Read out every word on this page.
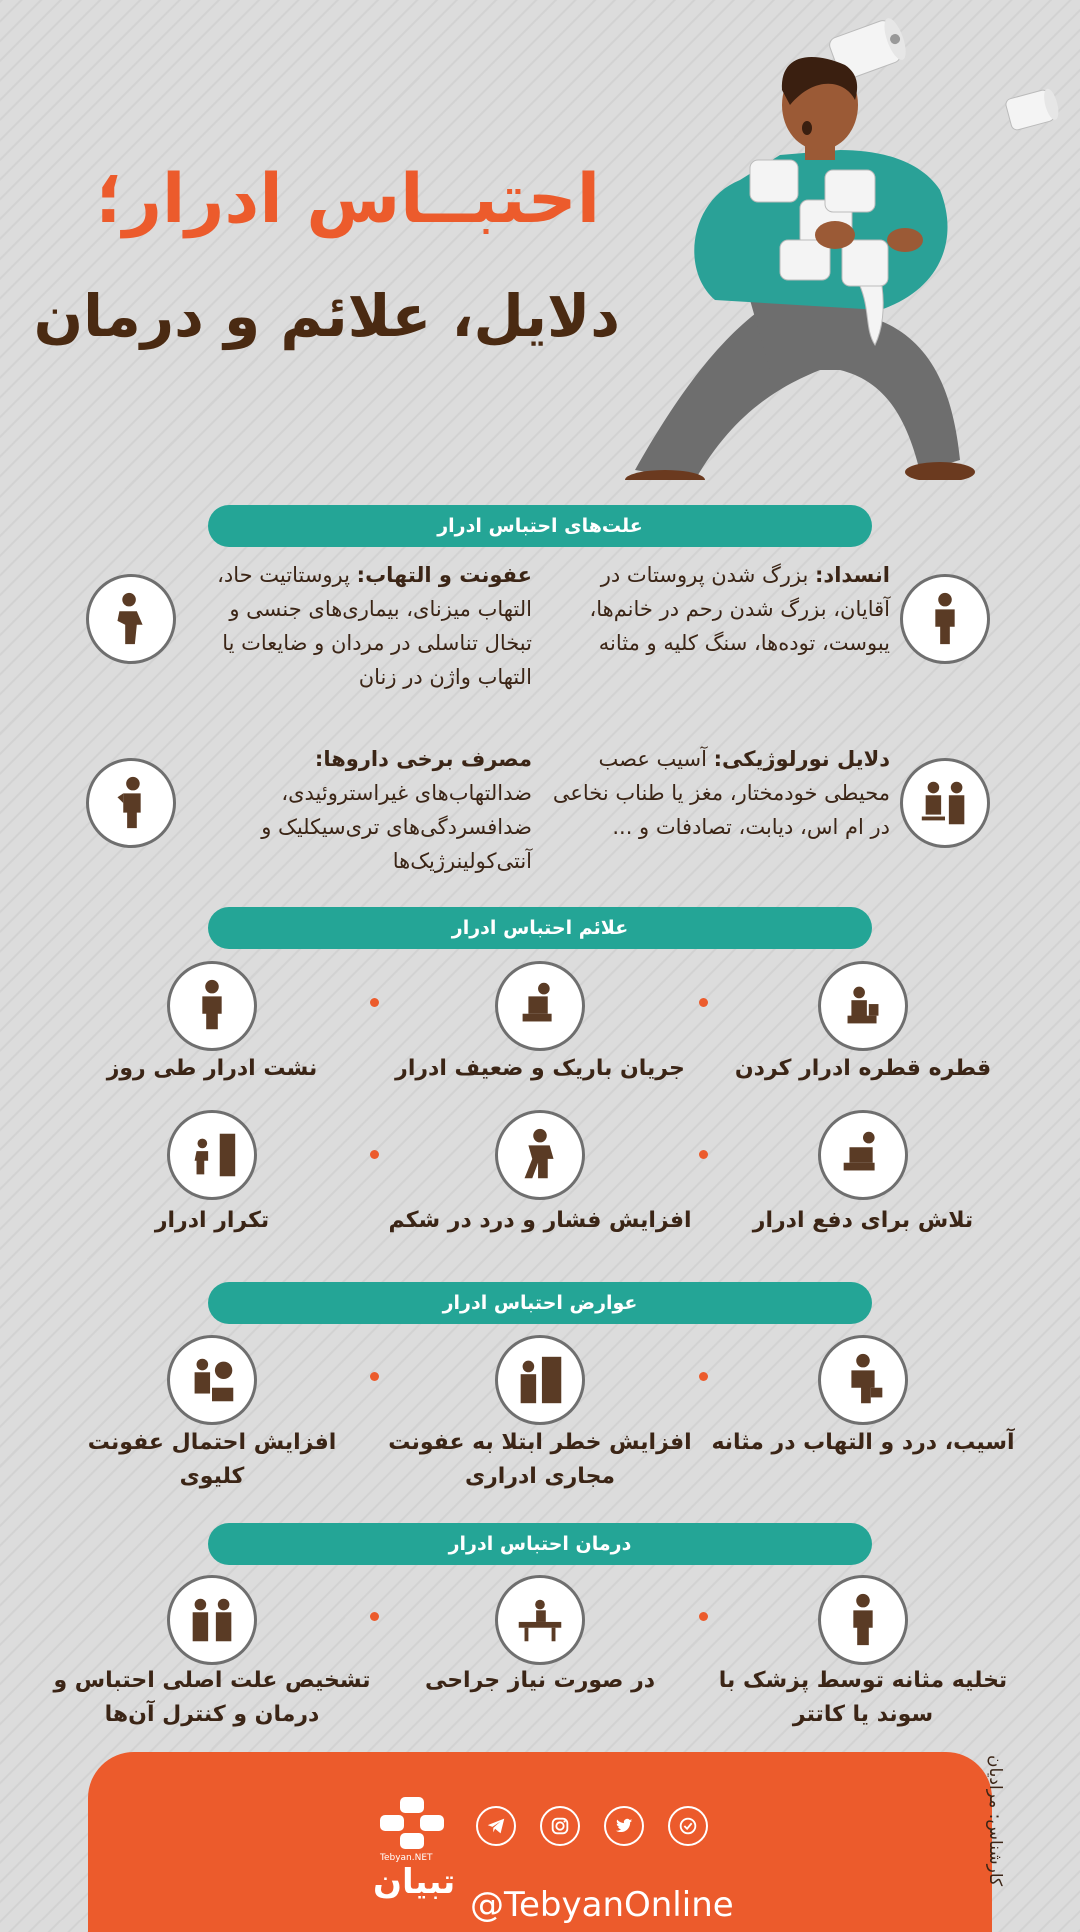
احتبــاس ادرار؛
دلایل، علائم و درمان
علت‌های احتباس ادرار
انسداد: بزرگ شدن پروستات در آقایان، بزرگ شدن رحم در خانم‌ها، یبوست، توده‌ها، سنگ کلیه و مثانه
عفونت و التهاب: پروستاتیت حاد، التهاب میزنای، بیماری‌های جنسی و تبخال تناسلی در مردان و ضایعات یا التهاب واژن در زنان
دلایل نورلوژیکی: آسیب عصب محیطی خودمختار، مغز یا طناب نخاعی در ام اس، دیابت، تصادفات و ...
مصرف برخی داروها: ضدالتهاب‌های غیراستروئیدی، ضدافسردگی‌های تری‌سیکلیک و آنتی‌کولینرژیک‌ها
علائم احتباس ادرار
قطره قطره ادرار کردن
جریان باریک و ضعیف ادرار
نشت ادرار طی روز
تلاش برای دفع ادرار
افزایش فشار و درد در شکم
تکرار ادرار
عوارض احتباس ادرار
آسیب، درد و التهاب در مثانه
افزایش خطر ابتلا به عفونت مجاری ادراری
افزایش احتمال عفونت کلیوی
درمان احتباس ادرار
تخلیه مثانه توسط پزشک با سوند یا کاتتر
در صورت نیاز جراحی
تشخیص علت اصلی احتباس و درمان و کنترل آن‌ها
تبیان
Tebyan.NET
@TebyanOnline
کارشناس: مرادیان
